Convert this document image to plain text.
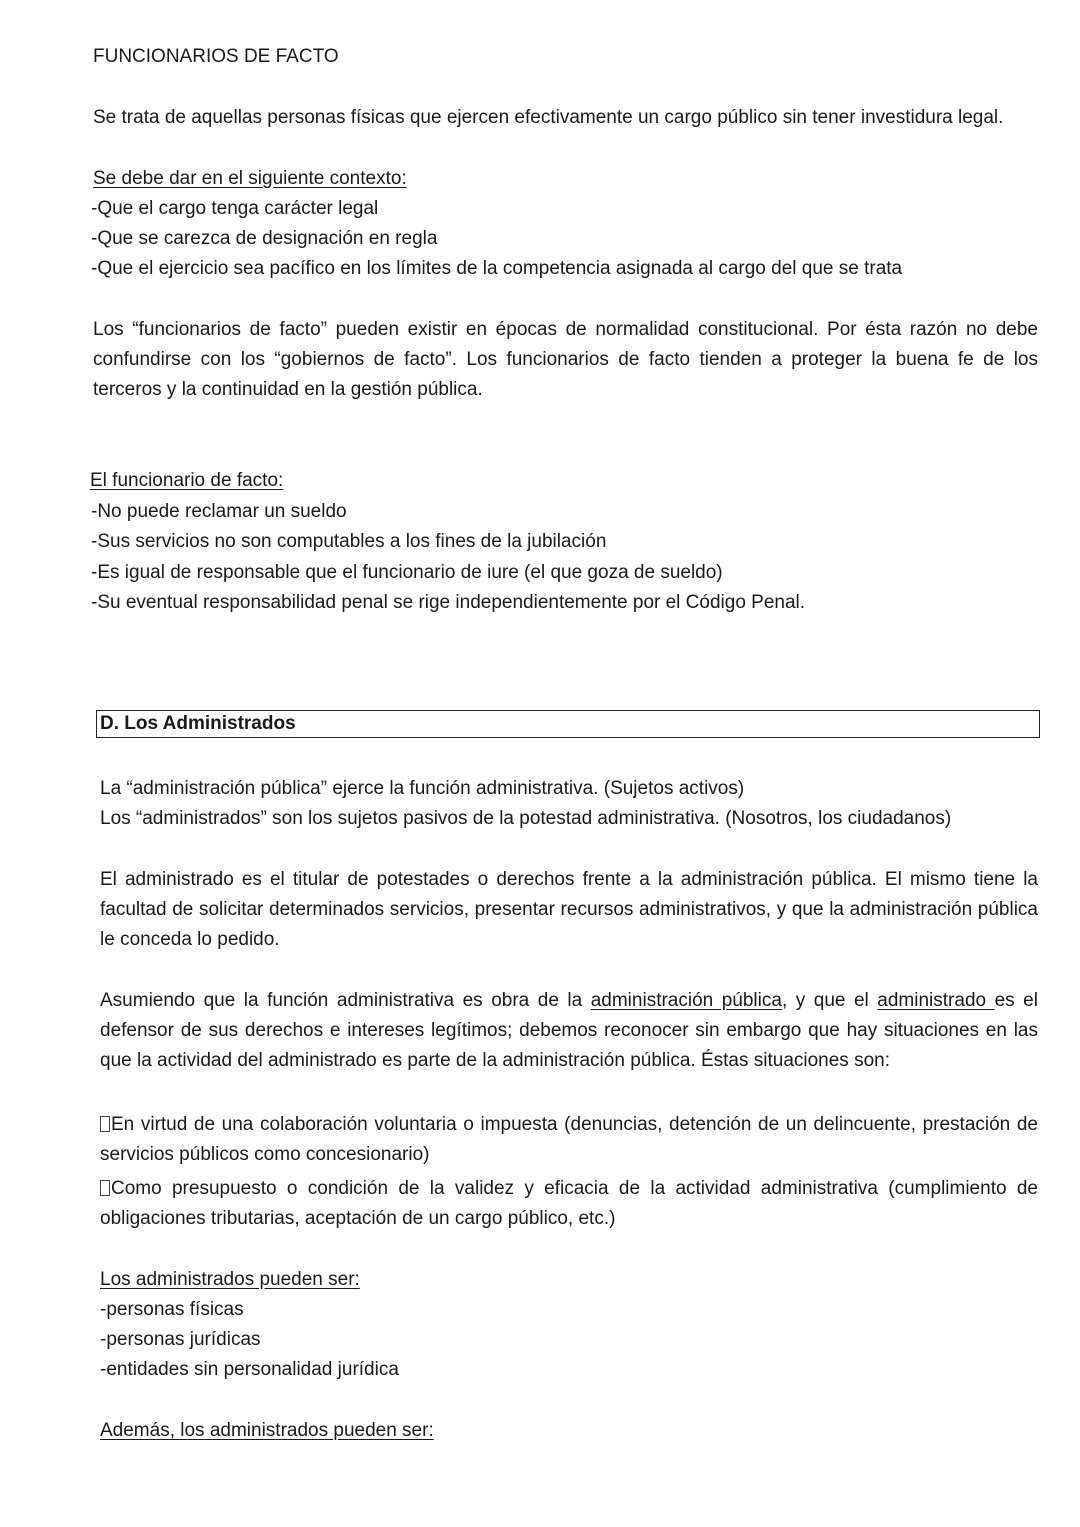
FUNCIONARIOS DE FACTO

Se trata de aquellas personas físicas que ejercen efectivamente un cargo público sin tener investidura legal.

Se debe dar en el siguiente contexto:

-Que el cargo tenga carácter legal

-Que se carezca de designación en regla

-Que el ejercicio sea pacífico en los límites de la competencia asignada al cargo del que se trata

Los “funcionarios de facto” pueden existir en épocas de normalidad constitucional. Por ésta razón no debe confundirse con los “gobiernos de facto”. Los funcionarios de facto tienden a proteger la buena fe de los terceros y la continuidad en la gestión pública.

El funcionario de facto:

-No puede reclamar un sueldo

-Sus servicios no son computables a los fines de la jubilación

-Es igual de responsable que el funcionario de iure (el que goza de sueldo)

-Su eventual responsabilidad penal se rige independientemente por el Código Penal.

D. Los Administrados

La “administración pública” ejerce la función administrativa. (Sujetos activos)

Los “administrados” son los sujetos pasivos de la potestad administrativa. (Nosotros, los ciudadanos)

El administrado es el titular de potestades o derechos frente a la administración pública. El mismo tiene la facultad de solicitar determinados servicios, presentar recursos administrativos, y que la administración pública le conceda lo pedido.

Asumiendo que la función administrativa es obra de la administración pública, y que el administrado es el defensor de sus derechos e intereses legítimos; debemos reconocer sin embargo que hay situaciones en las que la actividad del administrado es parte de la administración pública. Éstas situaciones son:

En virtud de una colaboración voluntaria o impuesta (denuncias, detención de un delincuente, prestación de servicios públicos como concesionario)

Como presupuesto o condición de la validez y eficacia de la actividad administrativa (cumplimiento de obligaciones tributarias, aceptación de un cargo público, etc.)

Los administrados pueden ser:

-personas físicas

-personas jurídicas

-entidades sin personalidad jurídica

Además, los administrados pueden ser:
